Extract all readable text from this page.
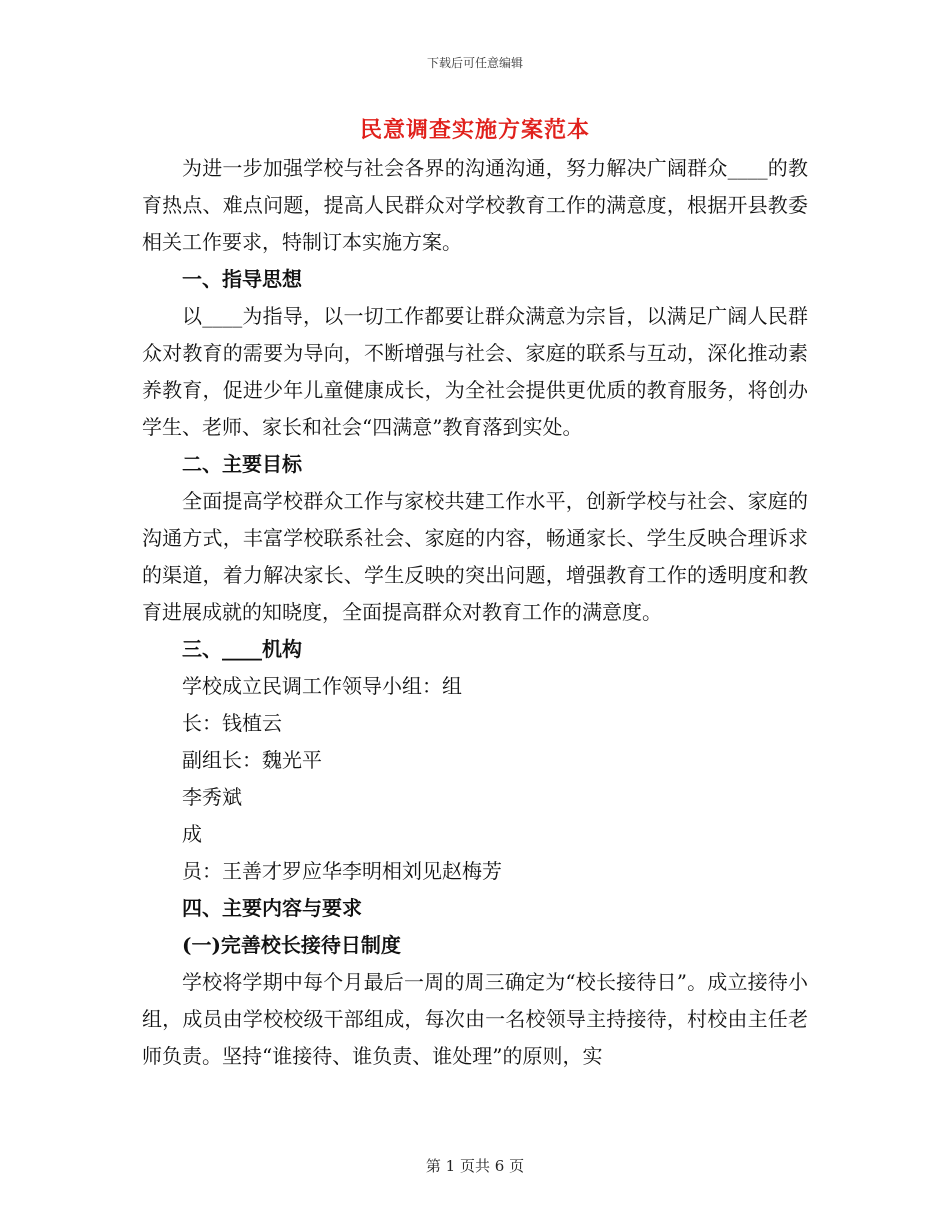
下载后可任意编辑
民意调查实施方案范本

为进一步加强学校与社会各界的沟通沟通，努力解决广阔群众____的教育热点、难点问题，提高人民群众对学校教育工作的满意度，根据开县教委相关工作要求，特制订本实施方案。

一、指导思想

以____为指导，以一切工作都要让群众满意为宗旨，以满足广阔人民群众对教育的需要为导向，不断增强与社会、家庭的联系与互动，深化推动素养教育，促进少年儿童健康成长，为全社会提供更优质的教育服务，将创办学生、老师、家长和社会“四满意”教育落到实处。

二、主要目标

全面提高学校群众工作与家校共建工作水平，创新学校与社会、家庭的沟通方式，丰富学校联系社会、家庭的内容，畅通家长、学生反映合理诉求的渠道，着力解决家长、学生反映的突出问题，增强教育工作的透明度和教育进展成就的知晓度，全面提高群众对教育工作的满意度。

三、____机构

学校成立民调工作领导小组：组

长：钱植云

副组长：魏光平

李秀斌

成

员：王善才罗应华李明相刘见赵梅芳

四、主要内容与要求

(一)完善校长接待日制度

学校将学期中每个月最后一周的周三确定为“校长接待日”。成立接待小组，成员由学校校级干部组成，每次由一名校领导主持接待，村校由主任老师负责。坚持“谁接待、谁负责、谁处理”的原则，实

第 1 页共 6 页
